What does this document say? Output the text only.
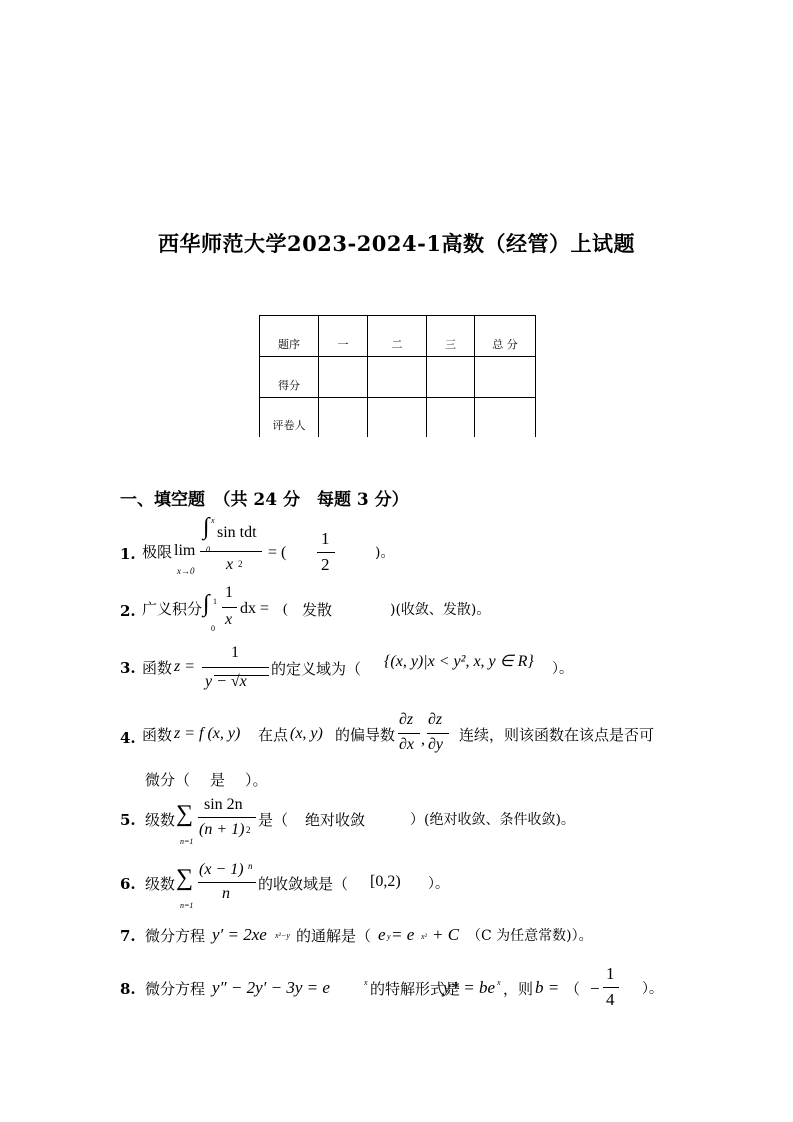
西华师范大学2023-2024-1高数（经管）上试题
题序	一	二	三	总 分
得分				
评卷人				
一、填空题　（共 24 分　每题 3 分）
1. 极限 lim
x→0
∫ x
0
sin tdt
x 2
= (
1
2
)。
2. 广义积分 ∫ 1
0
1
x
dx = ( 发散	)(收敛、发散)。
3. 函数 z =
1
y − √x
的定义域为（ {(x, y)|x < y², x, y ∈ R} ）。
4. 函数 z = f (x, y) 在点 (x, y) 的偏导数
∂z
∂x ,
∂z
∂y
连续，则该函数在该点是否可
微分（ 是 ）。
5. 级数 ∑
n=1
sin 2n
(n + 1) 2
是（ 绝对收敛	）(绝对收敛、条件收敛)。
6. 级数 ∑
n=1
(x − 1) n
n
的收敛域是（ [0,2) ）。
7. 微分方程 y′ = 2xe x²−y 的通解是（ e y = e x² + C （C 为任意常数)）。
8. 微分方程 y″ − 2y′ − 3y = e	x 的特解形式是
y* = be x ，则 b = （ −
1
4
）。
